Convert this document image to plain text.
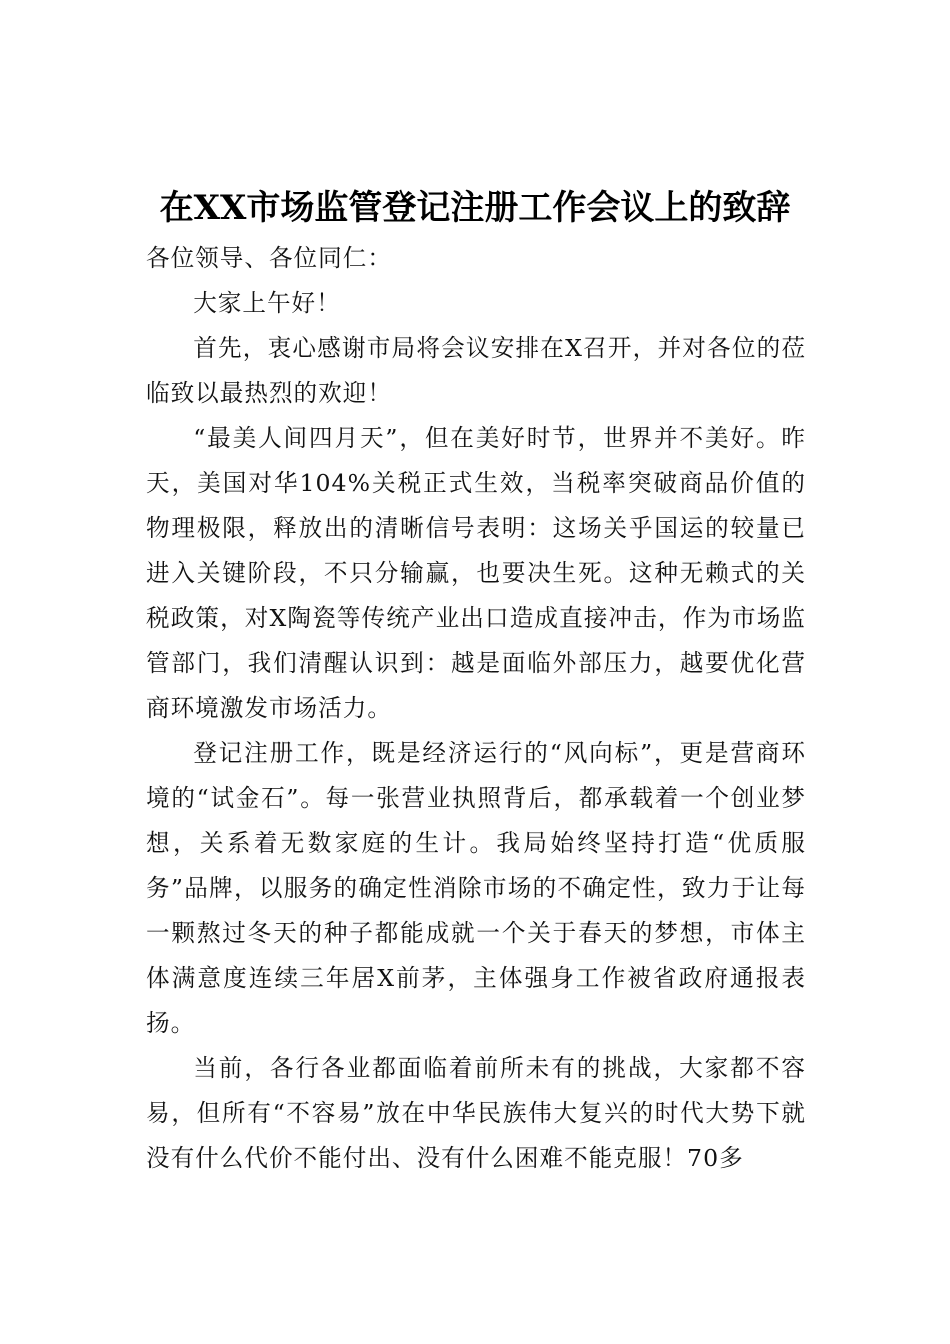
在XX市场监管登记注册工作会议上的致辞

各位领导、各位同仁：

大家上午好！

首先，衷心感谢市局将会议安排在X召开，并对各位的莅临致以最热烈的欢迎！

“最美人间四月天”，但在美好时节，世界并不美好。昨天，美国对华104%关税正式生效，当税率突破商品价值的物理极限，释放出的清晰信号表明：这场关乎国运的较量已进入关键阶段，不只分输赢，也要决生死。这种无赖式的关税政策，对X陶瓷等传统产业出口造成直接冲击，作为市场监管部门，我们清醒认识到：越是面临外部压力，越要优化营商环境激发市场活力。

登记注册工作，既是经济运行的“风向标”，更是营商环境的“试金石”。每一张营业执照背后，都承载着一个创业梦想，关系着无数家庭的生计。我局始终坚持打造“优质服务”品牌，以服务的确定性消除市场的不确定性，致力于让每一颗熬过冬天的种子都能成就一个关于春天的梦想，市体主体满意度连续三年居X前茅，主体强身工作被省政府通报表扬。

当前，各行各业都面临着前所未有的挑战，大家都不容易，但所有“不容易”放在中华民族伟大复兴的时代大势下就没有什么代价不能付出、没有什么困难不能克服！70多
